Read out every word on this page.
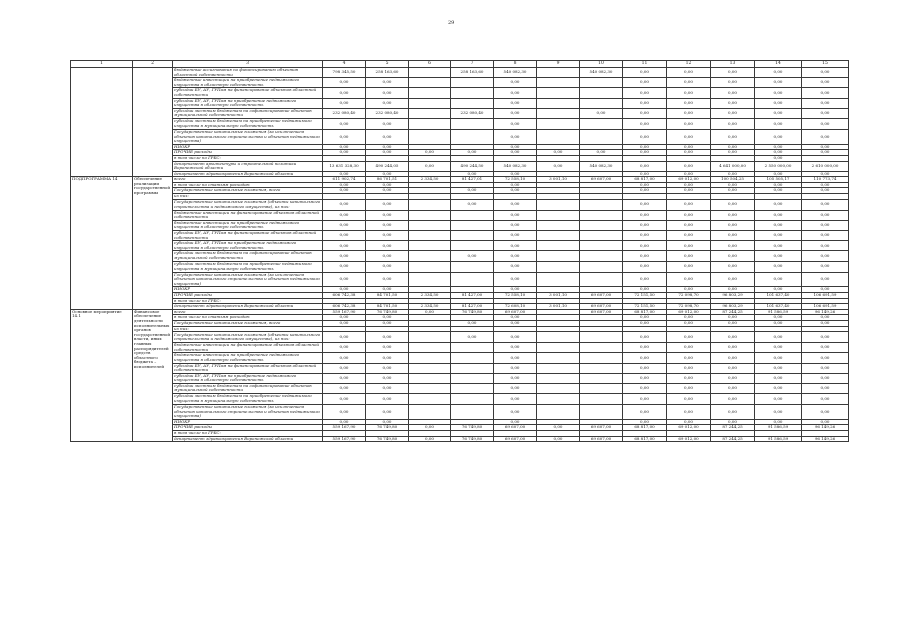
29
1	2	3	4	5	6	7	8	9	10	11	12	13	14	15
		бюджетные ассигнования по финансированию объектов областной собственности	798 345,50	258 163,60		258 163,60	540 082,30		540 082,30	0,00	0,00	0,00	0,00	0,00
		бюджетные инвестиции на приобретение недвижимого имущества в областную собственность	0,00	0,00			0,00			0,00	0,00	0,00	0,00	0,00
		субсидии БУ, АУ, ГУПам на финансирование объектов областной собственности	0,00	0,00			0,00			0,00	0,00	0,00	0,00	0,00
		субсидии БУ, АУ, ГУПам на приобретение недвижимого имущества в областную собственность	0,00	0,00			0,00			0,00	0,00	0,00	0,00	0,00
		субсидии местным бюджетам на софинансирование объектов муниципальной собственности	232 080,40	232 080,40		232 080,40	0,00		0,00	0,00	0,00	0,00	0,00	0,00
		субсидии местным бюджетам на приобретение недвижимого имущества в муниципальную собственность	0,00	0,00			0,00			0,00	0,00	0,00	0,00	0,00
		Государственные капитальные вложения (за исключением объектов капитального строительства и объектов недвижимого имущества)	0,00	0,00			0,00			0,00	0,00	0,00	0,00	0,00
		НИОКР	0,00	0,00			0,00			0,00	0,00	0,00	0,00	0,00
		ПРОЧИЕ расходы	0,00	0,00	0,00	0,00	0,00	0,00	0,00	0,00	0,00	0,00	0,00	0,00
		в том числе по ГРБС:											0,00	
		департамент архитектуры и строительной политики Воронежской области	13 631 328,30	490 244,05	0,00	490 244,50	540 082,30	0,00	540 082,30	0,00	0,00	4 641 000,00	2 550 000,00	2 610 000,00
		департамент здравоохранения Воронежской области	0,00	0,00		0,00	0,00			0,00	0,00	0,00	0,00	0,00
ПОДПРОГРАММА 14	Обеспечение реализации государственной программы	всего	611 902,74	86 701,51	2 334,50	81 427,01	72 558,10	3 001,10	69 607,00	68 817,00	69 012,00	100 504,25	105 505,17	110 773,74
		в том числе по статьям расходов:	0,00	0,00			0,00			0,00	0,00	0,00	0,00	0,00
		Государственные капитальные вложения, всего	0,00	0,00		0,00	0,00			0,00	0,00	0,00	0,00	0,00
		из них:												
		Государственные капитальные вложения (объекты капитального строительства и недвижимого имущества), из них:	0,00	0,00		0,00	0,00			0,00	0,00	0,00	0,00	0,00
		бюджетные инвестиции на финансирование объектов областной собственности	0,00	0,00			0,00			0,00	0,00	0,00	0,00	0,00
		бюджетные инвестиции на приобретение недвижимого имущества в областную собственность	0,00	0,00			0,00			0,00	0,00	0,00	0,00	0,00
		субсидии БУ, АУ, ГУПам на финансирование объектов областной собственности	0,00	0,00			0,00			0,00	0,00	0,00	0,00	0,00
		субсидии БУ, АУ, ГУПам на приобретение недвижимого имущества в областную собственность	0,00	0,00			0,00			0,00	0,00	0,00	0,00	0,00
		субсидии местным бюджетам на софинансирование объектов муниципальной собственности	0,00	0,00		0,00	0,00			0,00	0,00	0,00	0,00	0,00
		субсидии местным бюджетам на приобретение недвижимого имущества в муниципальную собственность	0,00	0,00			0,00			0,00	0,00	0,00	0,00	0,00
		Государственные капитальные вложения (за исключением объектов капитального строительства и объектов недвижимого имущества)	0,00	0,00			0,00			0,00	0,00	0,00	0,00	0,00
		НИОКР	0,00	0,00			0,00			0,00	0,00	0,00	0,00	0,00
		ПРОЧИЕ расходы	606 742,38	84 701,50	2 334,50	81 427,00	72 558,10	3 001,10	69 607,00	72 151,50	72 098,70	96 803,29	101 637,40	106 691,59
		в том числе по ГРБС:												
		департамент здравоохранения Воронежской области	606 742,38	84 701,50	2 334,50	81 427,00	72 608,10	3 001,10	69 607,00	72 151,50	72 098,70	96 803,29	101 637,40	106 691,59
Основное мероприятие 14.1	Финансовое обеспечение деятельности исполнительных органов государственной власти, иных главных распорядителей средств областного бюджета – исполнителей	всего	559 167,90	76 749,80	0,00	76 749,80	69 607,00		69 607,00	68 817,00	69 012,00	87 244,25	91 586,59	96 149,26
		в том числе по статьям расходов:	0,00	0,00			0,00			0,00	0,00	0,00	0,00	0,00
		Государственные капитальные вложения, всего	0,00	0,00		0,00	0,00			0,00	0,00	0,00	0,00	0,00
		из них:												
		Государственные капитальные вложения (объекты капитального строительства и недвижимого имущества), из них:	0,00	0,00		0,00	0,00			0,00	0,00	0,00	0,00	0,00
		бюджетные инвестиции на финансирование объектов областной собственности	0,00	0,00			0,00			0,00	0,00	0,00	0,00	0,00
		бюджетные инвестиции на приобретение недвижимого имущества в областную собственность	0,00	0,00			0,00			0,00	0,00	0,00	0,00	0,00
		субсидии БУ, АУ, ГУПам на финансирование объектов областной собственности	0,00	0,00			0,00			0,00	0,00	0,00	0,00	0,00
		субсидии БУ, АУ, ГУПам на приобретение недвижимого имущества в областную собственность	0,00	0,00			0,00			0,00	0,00	0,00	0,00	0,00
		субсидии местным бюджетам на софинансирование объектов муниципальной собственности	0,00	0,00			0,00			0,00	0,00	0,00	0,00	0,00
		субсидии местным бюджетам на приобретение недвижимого имущества в муниципальную собственность	0,00	0,00			0,00			0,00	0,00	0,00	0,00	0,00
		Государственные капитальные вложения (за исключением объектов капитального строительства и объектов недвижимого имущества)	0,00	0,00			0,00			0,00	0,00	0,00	0,00	0,00
		НИОКР	0,00	0,00			0,00			0,00	0,00	0,00	0,00	0,00
		ПРОЧИЕ расходы	559 167,90	76 749,80	0,00	76 749,80	69 607,00	0,00	69 607,00	68 817,00	69 012,00	87 244,25	91 586,59	96 149,26
		в том числе по ГРБС:												
		департамент здравоохранения Воронежской области	559 167,90	76 749,80	0,00	76 749,80	69 607,00	0,00	69 607,00	68 817,00	69 012,00	87 244,25	91 586,59	96 149,26
